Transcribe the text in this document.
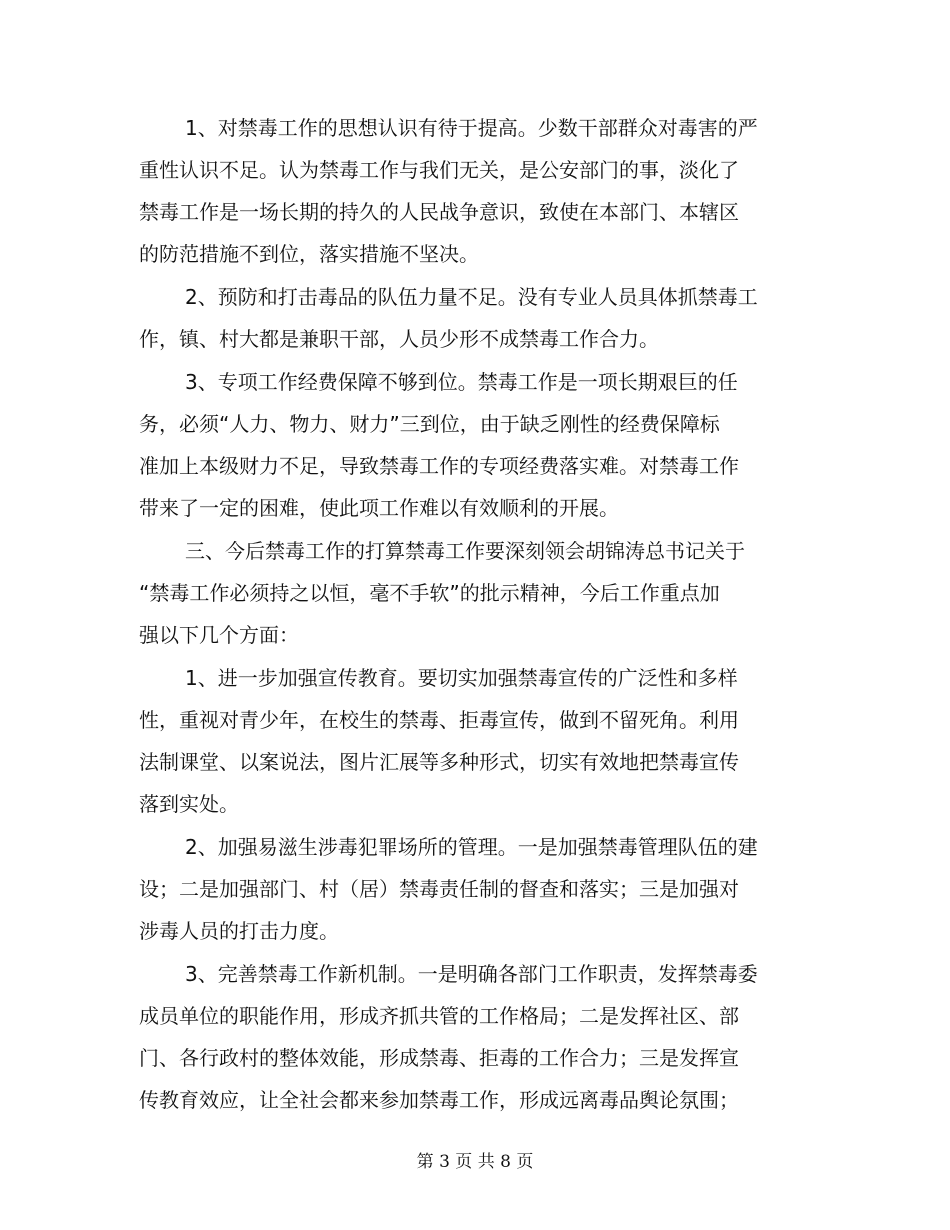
1、对禁毒工作的思想认识有待于提高。少数干部群众对毒害的严
重性认识不足。认为禁毒工作与我们无关，是公安部门的事，淡化了
禁毒工作是一场长期的持久的人民战争意识，致使在本部门、本辖区
的防范措施不到位，落实措施不坚决。
2、预防和打击毒品的队伍力量不足。没有专业人员具体抓禁毒工
作，镇、村大都是兼职干部，人员少形不成禁毒工作合力。
3、专项工作经费保障不够到位。禁毒工作是一项长期艰巨的任
务，必须“人力、物力、财力”三到位，由于缺乏刚性的经费保障标
准加上本级财力不足，导致禁毒工作的专项经费落实难。对禁毒工作
带来了一定的困难，使此项工作难以有效顺利的开展。
三、今后禁毒工作的打算禁毒工作要深刻领会胡锦涛总书记关于
“禁毒工作必须持之以恒，毫不手软”的批示精神，今后工作重点加
强以下几个方面：
1、进一步加强宣传教育。要切实加强禁毒宣传的广泛性和多样
性，重视对青少年，在校生的禁毒、拒毒宣传，做到不留死角。利用
法制课堂、以案说法，图片汇展等多种形式，切实有效地把禁毒宣传
落到实处。
2、加强易滋生涉毒犯罪场所的管理。一是加强禁毒管理队伍的建
设；二是加强部门、村（居）禁毒责任制的督查和落实；三是加强对
涉毒人员的打击力度。
3、完善禁毒工作新机制。一是明确各部门工作职责，发挥禁毒委
成员单位的职能作用，形成齐抓共管的工作格局；二是发挥社区、部
门、各行政村的整体效能，形成禁毒、拒毒的工作合力；三是发挥宣
传教育效应，让全社会都来参加禁毒工作，形成远离毒品舆论氛围；
第 3 页 共 8 页
